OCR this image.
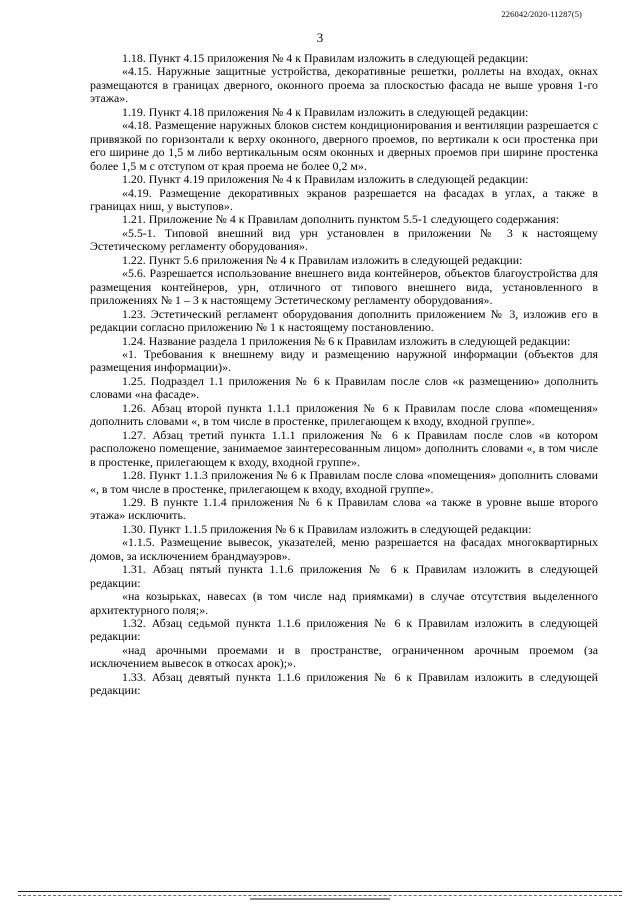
226042/2020-11287(5)
3

1.18. Пункт 4.15 приложения № 4 к Правилам изложить в следующей редакции:

«4.15. Наружные защитные устройства, декоративные решетки, роллеты на входах, окнах размещаются в границах дверного, оконного проема за плоскостью фасада не выше уровня 1-го этажа».

1.19. Пункт 4.18 приложения № 4 к Правилам изложить в следующей редакции:

«4.18. Размещение наружных блоков систем кондиционирования и вентиляции разрешается с привязкой по горизонтали к верху оконного, дверного проемов, по вертикали к оси простенка при его ширине до 1,5 м либо вертикальным осям оконных и дверных проемов при ширине простенка более 1,5 м с отступом от края проема не более 0,2 м».

1.20. Пункт 4.19 приложения № 4 к Правилам изложить в следующей редакции:

«4.19. Размещение декоративных экранов разрешается на фасадах в углах, а также в границах ниш, у выступов».

1.21. Приложение № 4 к Правилам дополнить пунктом 5.5-1 следующего содержания:

«5.5-1. Типовой внешний вид урн установлен в приложении № 3 к настоящему Эстетическому регламенту оборудования».

1.22. Пункт 5.6 приложения № 4 к Правилам изложить в следующей редакции:

«5.6. Разрешается использование внешнего вида контейнеров, объектов благоустройства для размещения контейнеров, урн, отличного от типового внешнего вида, установленного в приложениях № 1 – 3 к настоящему Эстетическому регламенту оборудования».

1.23. Эстетический регламент оборудования дополнить приложением № 3, изложив его в редакции согласно приложению № 1 к настоящему постановлению.

1.24. Название раздела 1 приложения № 6 к Правилам изложить в следующей редакции:

«1. Требования к внешнему виду и размещению наружной информации (объектов для размещения информации)».

1.25. Подраздел 1.1 приложения № 6 к Правилам после слов «к размещению» дополнить словами «на фасаде».

1.26. Абзац второй пункта 1.1.1 приложения № 6 к Правилам после слова «помещения» дополнить словами «, в том числе в простенке, прилегающем к входу, входной группе».

1.27. Абзац третий пункта 1.1.1 приложения № 6 к Правилам после слов «в котором расположено помещение, занимаемое заинтересованным лицом» дополнить словами «, в том числе в простенке, прилегающем к входу, входной группе».

1.28. Пункт 1.1.3 приложения № 6 к Правилам после слова «помещения» дополнить словами «, в том числе в простенке, прилегающем к входу, входной группе».

1.29. В пункте 1.1.4 приложения № 6 к Правилам слова «а также в уровне выше второго этажа» исключить.

1.30. Пункт 1.1.5 приложения № 6 к Правилам изложить в следующей редакции:

«1.1.5. Размещение вывесок, указателей, меню разрешается на фасадах многоквартирных домов, за исключением брандмауэров».

1.31. Абзац пятый пункта 1.1.6 приложения № 6 к Правилам изложить в следующей редакции:

«на козырьках, навесах (в том числе над приямками) в случае отсутствия выделенного архитектурного поля;».

1.32. Абзац седьмой пункта 1.1.6 приложения № 6 к Правилам изложить в следующей редакции:

«над арочными проемами и в пространстве, ограниченном арочным проемом (за исключением вывесок в откосах арок);».

1.33. Абзац девятый пункта 1.1.6 приложения № 6 к Правилам изложить в следующей редакции:
